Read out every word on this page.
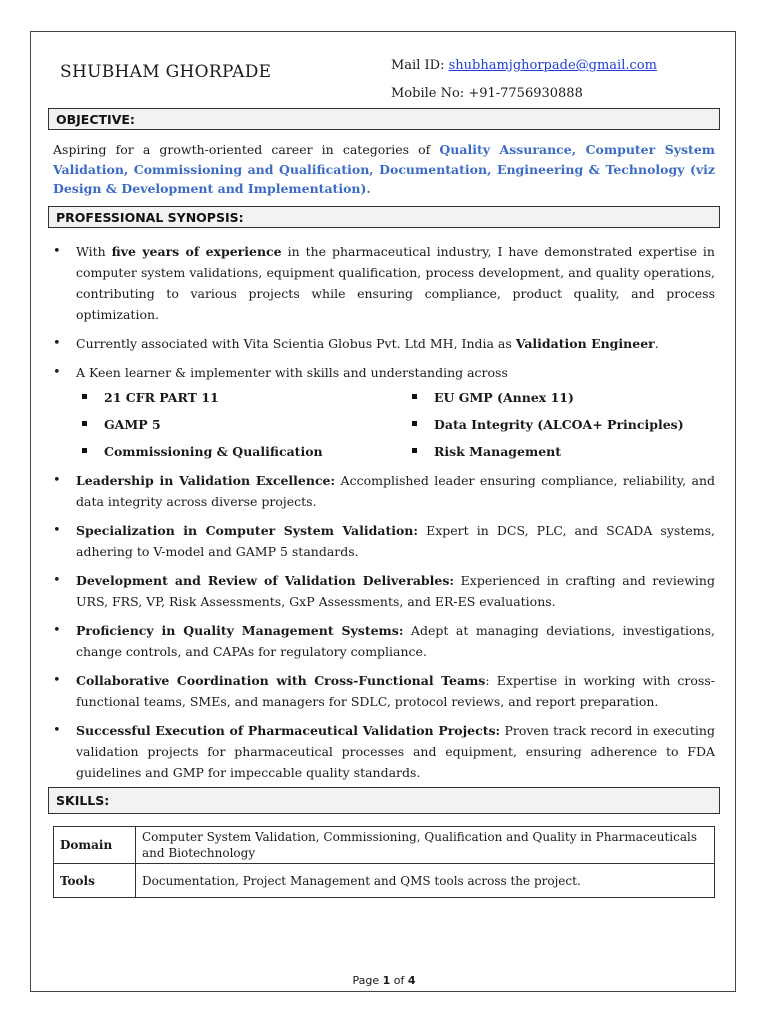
SHUBHAM GHORPADE	Mail ID: shubhamjghorpade@gmail.com
Mobile No: +91-7756930888
OBJECTIVE:
Aspiring for a growth-oriented career in categories of Quality Assurance, Computer System Validation, Commissioning and Qualification, Documentation, Engineering & Technology (viz Design & Development and Implementation).
PROFESSIONAL SYNOPSIS:
• With five years of experience in the pharmaceutical industry, I have demonstrated expertise in computer system validations, equipment qualification, process development, and quality operations, contributing to various projects while ensuring compliance, product quality, and process optimization.
• Currently associated with Vita Scientia Globus Pvt. Ltd MH, India as Validation Engineer.
• A Keen learner & implementer with skills and understanding across
21 CFR PART 11	EU GMP (Annex 11)
GAMP 5	Data Integrity (ALCOA+ Principles)
Commissioning & Qualification	Risk Management
• Leadership in Validation Excellence: Accomplished leader ensuring compliance, reliability, and data integrity across diverse projects.
• Specialization in Computer System Validation: Expert in DCS, PLC, and SCADA systems, adhering to V-model and GAMP 5 standards.
• Development and Review of Validation Deliverables: Experienced in crafting and reviewing URS, FRS, VP, Risk Assessments, GxP Assessments, and ER-ES evaluations.
• Proficiency in Quality Management Systems: Adept at managing deviations, investigations, change controls, and CAPAs for regulatory compliance.
• Collaborative Coordination with Cross-Functional Teams: Expertise in working with cross-functional teams, SMEs, and managers for SDLC, protocol reviews, and report preparation.
• Successful Execution of Pharmaceutical Validation Projects: Proven track record in executing validation projects for pharmaceutical processes and equipment, ensuring adherence to FDA guidelines and GMP for impeccable quality standards.
SKILLS:
Domain	Computer System Validation, Commissioning, Qualification and Quality in Pharmaceuticals and Biotechnology
Tools	Documentation, Project Management and QMS tools across the project.
Page 1 of 4
